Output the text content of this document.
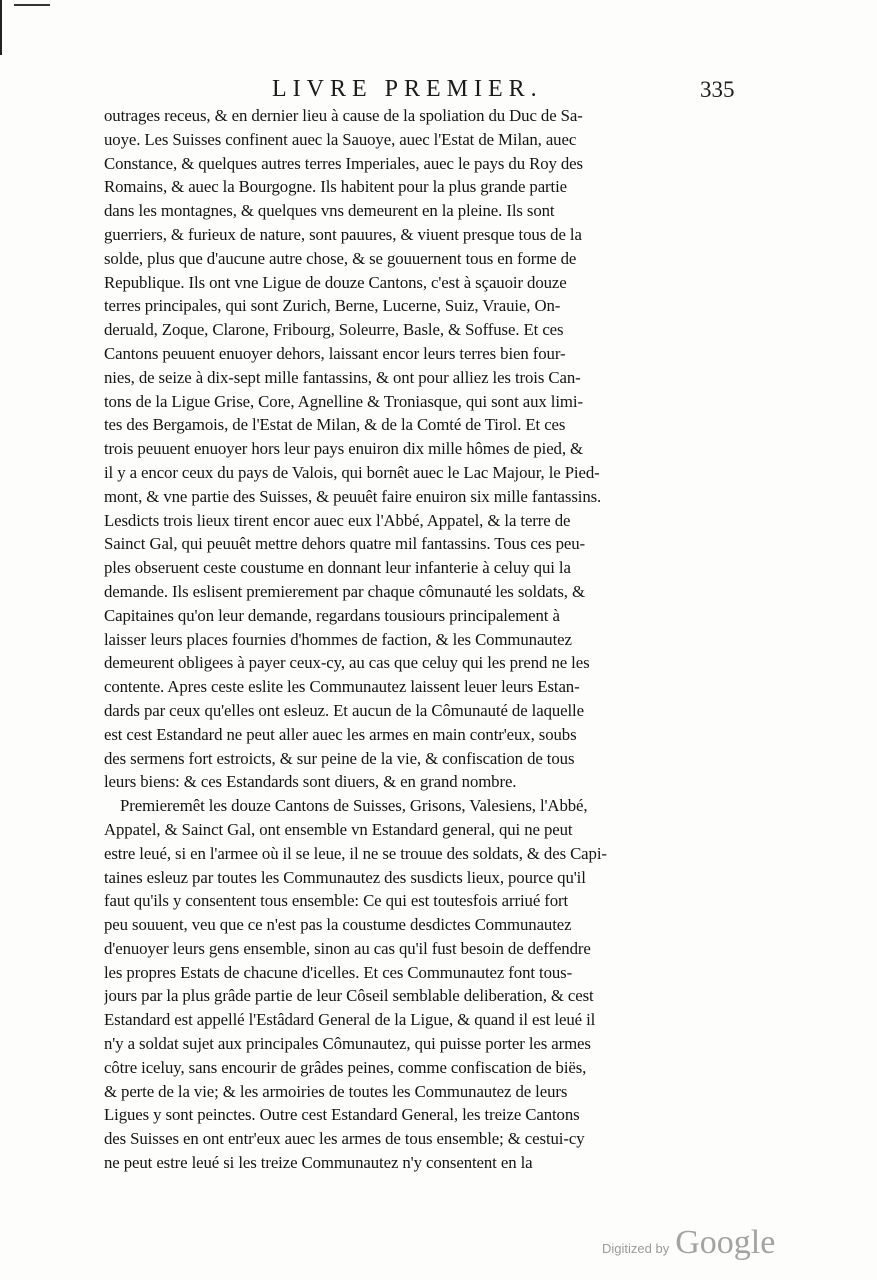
LIVRE PREMIER.	335
outrages receus, & en dernier lieu à cause de la spoliation du Duc de Sa-
uoye. Les Suisses confinent auec la Sauoye, auec l'Estat de Milan, auec
Constance, & quelques autres terres Imperiales, auec le pays du Roy des
Romains, & auec la Bourgogne. Ils habitent pour la plus grande partie
dans les montagnes, & quelques vns demeurent en la pleine. Ils sont
guerriers, & furieux de nature, sont pauures, & viuent presque tous de la
solde, plus que d'aucune autre chose, & se gouuernent tous en forme de
Republique. Ils ont vne Ligue de douze Cantons, c'est à sçauoir douze
terres principales, qui sont Zurich, Berne, Lucerne, Suiz, Vrauie, On-
deruald, Zoque, Clarone, Fribourg, Soleurre, Basle, & Soffuse. Et ces
Cantons peuuent enuoyer dehors, laissant encor leurs terres bien four-
nies, de seize à dix-sept mille fantassins, & ont pour alliez les trois Can-
tons de la Ligue Grise, Core, Agnelline & Troniasque, qui sont aux limi-
tes des Bergamois, de l'Estat de Milan, & de la Comté de Tirol. Et ces
trois peuuent enuoyer hors leur pays enuiron dix mille hômes de pied, &
il y a encor ceux du pays de Valois, qui bornêt auec le Lac Majour, le Pied-
mont, & vne partie des Suisses, & peuuêt faire enuiron six mille fantassins.
Lesdicts trois lieux tirent encor auec eux l'Abbé, Appatel, & la terre de
Sainct Gal, qui peuuêt mettre dehors quatre mil fantassins. Tous ces peu-
ples obseruent ceste coustume en donnant leur infanterie à celuy qui la
demande. Ils eslisent premierement par chaque cômunauté les soldats, &
Capitaines qu'on leur demande, regardans tousiours principalement à
laisser leurs places fournies d'hommes de faction, & les Communautez
demeurent obligees à payer ceux-cy, au cas que celuy qui les prend ne les
contente. Apres ceste eslite les Communautez laissent leuer leurs Estan-
dards par ceux qu'elles ont esleuz. Et aucun de la Cômunauté de laquelle
est cest Estandard ne peut aller auec les armes en main contr'eux, soubs
des sermens fort estroicts, & sur peine de la vie, & confiscation de tous
leurs biens: & ces Estandards sont diuers, & en grand nombre.
Premieremêt les douze Cantons de Suisses, Grisons, Valesiens, l'Abbé,
Appatel, & Sainct Gal, ont ensemble vn Estandard general, qui ne peut
estre leué, si en l'armee où il se leue, il ne se trouue des soldats, & des Capi-
taines esleuz par toutes les Communautez des susdicts lieux, pource qu'il
faut qu'ils y consentent tous ensemble: Ce qui est toutesfois arriué fort
peu souuent, veu que ce n'est pas la coustume desdictes Communautez
d'enuoyer leurs gens ensemble, sinon au cas qu'il fust besoin de deffendre
les propres Estats de chacune d'icelles. Et ces Communautez font tous-
jours par la plus grâde partie de leur Côseil semblable deliberation, & cest
Estandard est appellé l'Estâdard General de la Ligue, & quand il est leué il
n'y a soldat sujet aux principales Cômunautez, qui puisse porter les armes
côtre iceluy, sans encourir de grâdes peines, comme confiscation de biës,
& perte de la vie; & les armoiries de toutes les Communautez de leurs
Ligues y sont peinctes. Outre cest Estandard General, les treize Cantons
des Suisses en ont entr'eux auec les armes de tous ensemble; & cestui-cy
ne peut estre leué si les treize Communautez n'y consentent en la
Digitized by Google
